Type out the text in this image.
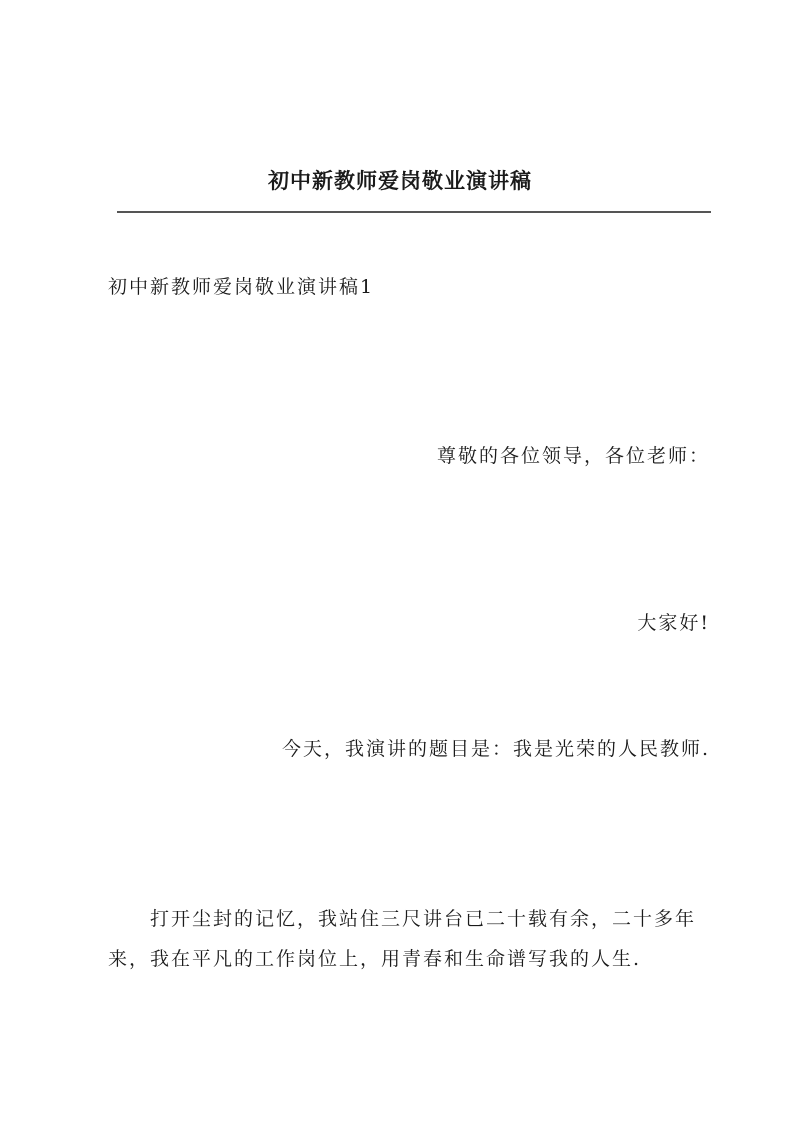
初中新教师爱岗敬业演讲稿
初中新教师爱岗敬业演讲稿1
尊敬的各位领导，各位老师：
大家好!
今天，我演讲的题目是：我是光荣的人民教师.
打开尘封的记忆，我站住三尺讲台已二十载有余，二十多年
来，我在平凡的工作岗位上，用青春和生命谱写我的人生.
